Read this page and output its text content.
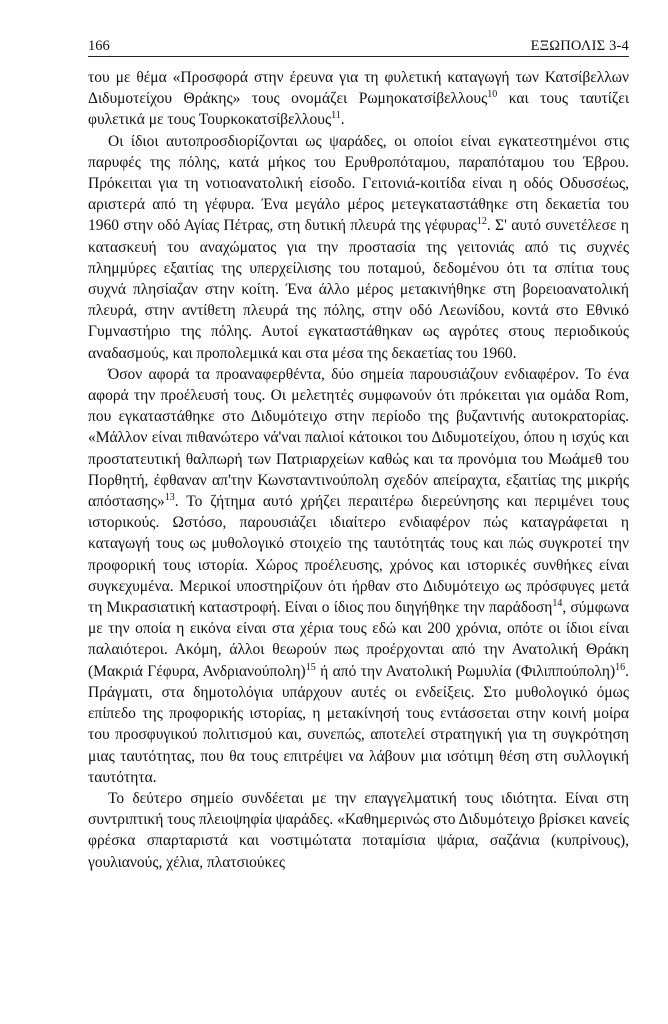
166	ΕΞΩΠΟΛΙΣ 3-4

του με θέμα «Προσφορά στην έρευνα για τη φυλετική καταγωγή των Κατσίβελλων Διδυμοτείχου Θράκης» τους ονομάζει Ρωμηοκατσίβελλους$^{10}$ και τους ταυτίζει φυλετικά με τους Τουρκοκατσίβελλους$^{11}$.

Οι ίδιοι αυτοπροσδιορίζονται ως ψαράδες, οι οποίοι είναι εγκατεστημένοι στις παρυφές της πόλης, κατά μήκος του Ερυθροπόταμου, παραπόταμου του Έβρου. Πρόκειται για τη νοτιοανατολική είσοδο. Γειτονιά-κοιτίδα είναι η οδός Οδυσσέως, αριστερά από τη γέφυρα. Ένα μεγάλο μέρος μετεγκαταστάθηκε στη δεκαετία του 1960 στην οδό Αγίας Πέτρας, στη δυτική πλευρά της γέφυρας$^{12}$. Σ' αυτό συνετέλεσε η κατασκευή του αναχώματος για την προστασία της γειτονιάς από τις συχνές πλημμύρες εξαιτίας της υπερχείλισης του ποταμού, δεδομένου ότι τα σπίτια τους συχνά πλησίαζαν στην κοίτη. Ένα άλλο μέρος μετακινήθηκε στη βορειοανατολική πλευρά, στην αντίθετη πλευρά της πόλης, στην οδό Λεωνίδου, κοντά στο Εθνικό Γυμναστήριο της πόλης. Αυτοί εγκαταστάθηκαν ως αγρότες στους περιοδικούς αναδασμούς, και προπολεμικά και στα μέσα της δεκαετίας του 1960.

Όσον αφορά τα προαναφερθέντα, δύο σημεία παρουσιάζουν ενδιαφέρον. Το ένα αφορά την προέλευσή τους. Οι μελετητές συμφωνούν ότι πρόκειται για ομάδα Rom, που εγκαταστάθηκε στο Διδυμότειχο στην περίοδο της βυζαντινής αυτοκρατορίας. «Μάλλον είναι πιθανώτερο νά'ναι παλιοί κάτοικοι του Διδυμοτείχου, όπου η ισχύς και προστατευτική θαλπωρή των Πατριαρχείων καθώς και τα προνόμια του Μωάμεθ του Πορθητή, έφθαναν απ'την Κωνσταντινούπολη σχεδόν απείραχτα, εξαιτίας της μικρής απόστασης»$^{13}$. Το ζήτημα αυτό χρήζει περαιτέρω διερεύνησης και περιμένει τους ιστορικούς. Ωστόσο, παρουσιάζει ιδιαίτερο ενδιαφέρον πώς καταγράφεται η καταγωγή τους ως μυθολογικό στοιχείο της ταυτότητάς τους και πώς συγκροτεί την προφορική τους ιστορία. Χώρος προέλευσης, χρόνος και ιστορικές συνθήκες είναι συγκεχυμένα. Μερικοί υποστηρίζουν ότι ήρθαν στο Διδυμότειχο ως πρόσφυγες μετά τη Μικρασιατική καταστροφή. Είναι ο ίδιος που διηγήθηκε την παράδοση$^{14}$, σύμφωνα με την οποία η εικόνα είναι στα χέρια τους εδώ και 200 χρόνια, οπότε οι ίδιοι είναι παλαιότεροι. Ακόμη, άλλοι θεωρούν πως προέρχονται από την Ανατολική Θράκη (Μακριά Γέφυρα, Ανδριανούπολη)$^{15}$ ή από την Ανατολική Ρωμυλία $(\Phi\iota\lambda\iota\pi\pi oύ\pi o\lambda\eta)^{16}$. Πράγματι, στα δημοτολόγια υπάρχουν αυτές οι ενδείξεις. Στο μυθολογικό όμως επίπεδο της προφορικής ιστορίας, η μετακίνησή τους εντάσσεται στην κοινή μοίρα του προσφυγικού πολιτισμού και, συνεπώς, αποτελεί στρατηγική για τη συγκρότηση μιας ταυτότητας, που θα τους επιτρέψει να λάβουν μια ισότιμη θέση στη συλλογική ταυτότητα.

Το δεύτερο σημείο συνδέεται με την επαγγελματική τους ιδιότητα. Είναι στη συντριπτική τους πλειοψηφία ψαράδες. «Καθημερινώς στο Διδυμότειχο βρίσκει κανείς φρέσκα σπαρταριστά και νοστιμώτατα ποταμίσια ψάρια, σαζάνια (κυπρίνους), γουλιανούς, χέλια, πλατσιούκες
